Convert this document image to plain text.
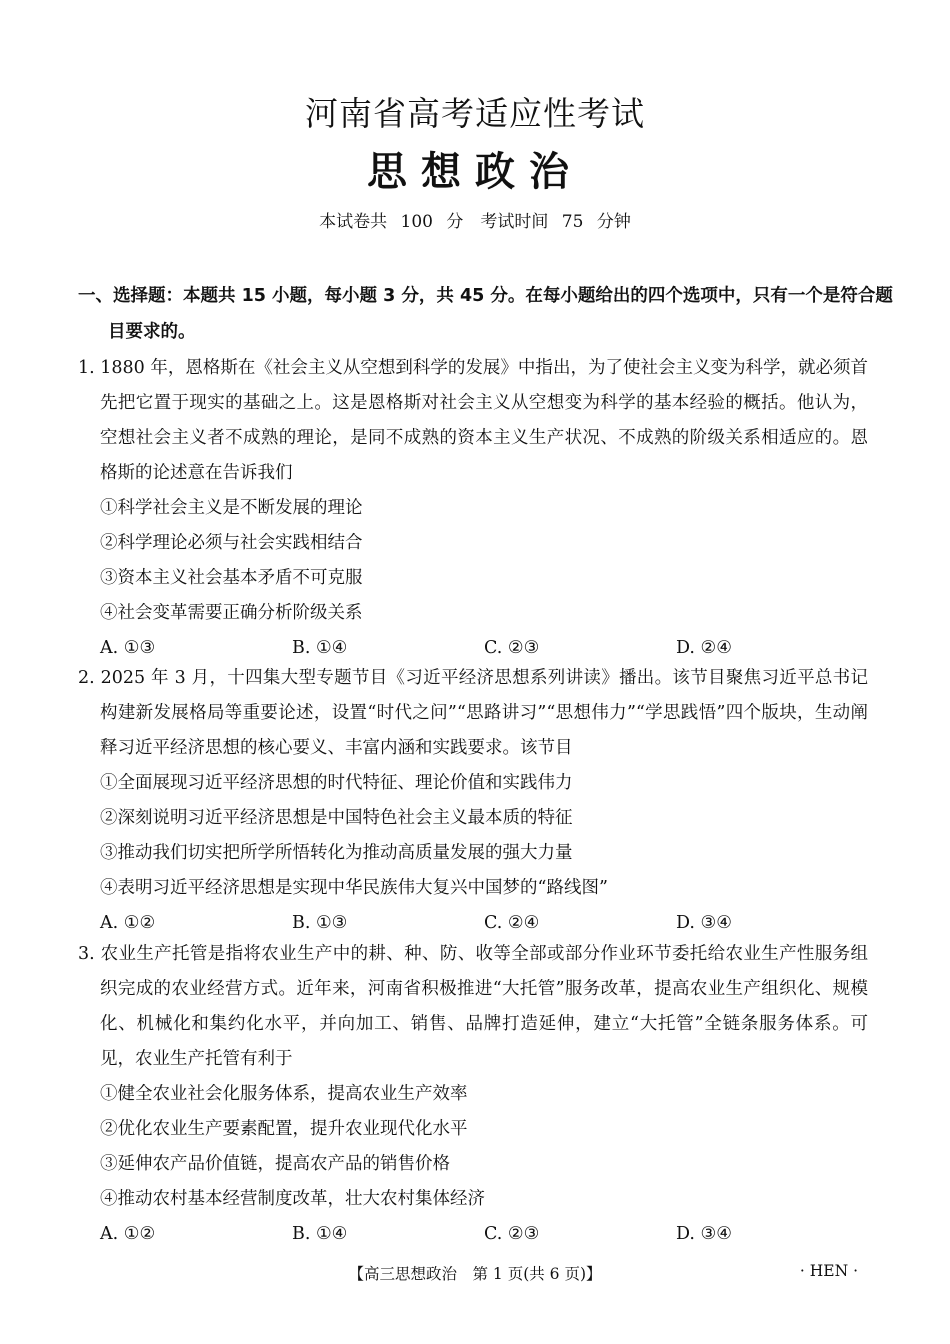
河南省高考适应性考试
思想政治
本试卷共 100 分　考试时间 75 分钟
一、选择题：本题共 15 小题，每小题 3 分，共 45 分。在每小题给出的四个选项中，只有一个是符合题目要求的。
1. 1880 年，恩格斯在《社会主义从空想到科学的发展》中指出，为了使社会主义变为科学，就必须首先把它置于现实的基础之上。这是恩格斯对社会主义从空想变为科学的基本经验的概括。他认为，空想社会主义者不成熟的理论，是同不成熟的资本主义生产状况、不成熟的阶级关系相适应的。恩格斯的论述意在告诉我们
①科学社会主义是不断发展的理论
②科学理论必须与社会实践相结合
③资本主义社会基本矛盾不可克服
④社会变革需要正确分析阶级关系
A. ①③	B. ①④	C. ②③	D. ②④
2. 2025 年 3 月，十四集大型专题节目《习近平经济思想系列讲读》播出。该节目聚焦习近平总书记构建新发展格局等重要论述，设置“时代之问”“思路讲习”“思想伟力”“学思践悟”四个版块，生动阐释习近平经济思想的核心要义、丰富内涵和实践要求。该节目
①全面展现习近平经济思想的时代特征、理论价值和实践伟力
②深刻说明习近平经济思想是中国特色社会主义最本质的特征
③推动我们切实把所学所悟转化为推动高质量发展的强大力量
④表明习近平经济思想是实现中华民族伟大复兴中国梦的“路线图”
A. ①②	B. ①③	C. ②④	D. ③④
3. 农业生产托管是指将农业生产中的耕、种、防、收等全部或部分作业环节委托给农业生产性服务组织完成的农业经营方式。近年来，河南省积极推进“大托管”服务改革，提高农业生产组织化、规模化、机械化和集约化水平，并向加工、销售、品牌打造延伸，建立“大托管”全链条服务体系。可见，农业生产托管有利于
①健全农业社会化服务体系，提高农业生产效率
②优化农业生产要素配置，提升农业现代化水平
③延伸农产品价值链，提高农产品的销售价格
④推动农村基本经营制度改革，壮大农村集体经济
A. ①②	B. ①④	C. ②③	D. ③④
【高三思想政治　第 1 页(共 6 页)】	· HEN ·
